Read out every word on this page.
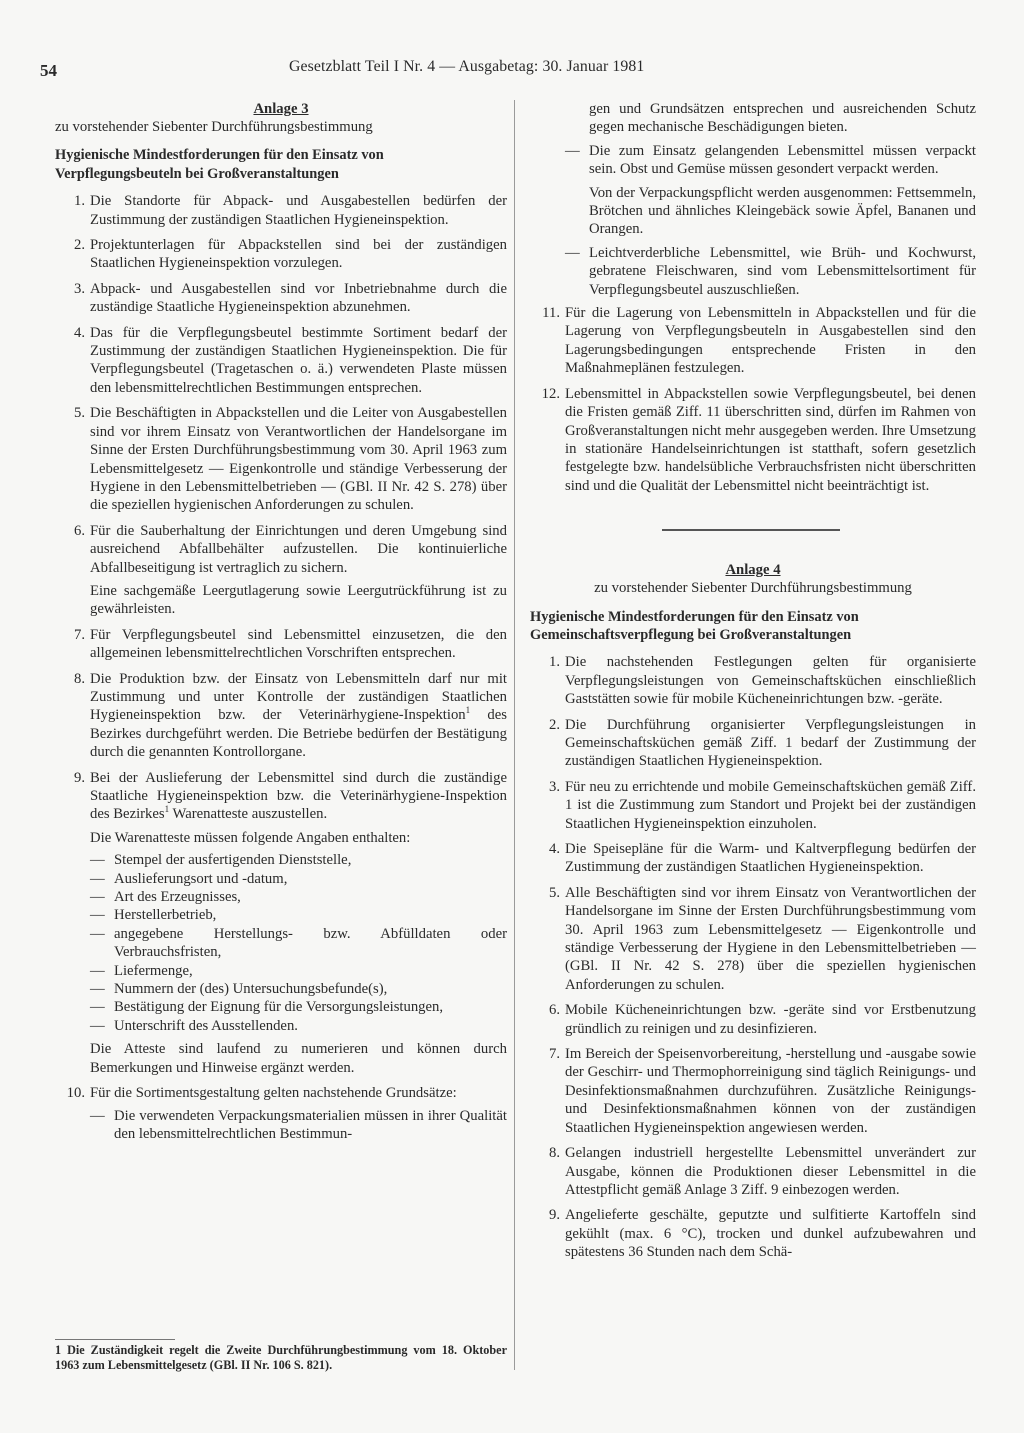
54	Gesetzblatt Teil I Nr. 4 — Ausgabetag: 30. Januar 1981

Anlage 3

zu vorstehender Siebenter Durchführungsbestimmung

Hygienische Mindestforderungen für den Einsatz von Verpflegungsbeuteln bei Großveranstaltungen

1. Die Standorte für Abpack- und Ausgabestellen bedürfen der Zustimmung der zuständigen Staatlichen Hygieneinspektion.
2. Projektunterlagen für Abpackstellen sind bei der zuständigen Staatlichen Hygieneinspektion vorzulegen.
3. Abpack- und Ausgabestellen sind vor Inbetriebnahme durch die zuständige Staatliche Hygieneinspektion abzunehmen.
4. Das für die Verpflegungsbeutel bestimmte Sortiment bedarf der Zustimmung der zuständigen Staatlichen Hygieneinspektion. Die für Verpflegungsbeutel (Tragetaschen o. ä.) verwendeten Plaste müssen den lebensmittelrechtlichen Bestimmungen entsprechen.
5. Die Beschäftigten in Abpackstellen und die Leiter von Ausgabestellen sind vor ihrem Einsatz von Verantwortlichen der Handelsorgane im Sinne der Ersten Durchführungsbestimmung vom 30. April 1963 zum Lebensmittelgesetz — Eigenkontrolle und ständige Verbesserung der Hygiene in den Lebensmittelbetrieben — (GBl. II Nr. 42 S. 278) über die speziellen hygienischen Anforderungen zu schulen.
6. Für die Sauberhaltung der Einrichtungen und deren Umgebung sind ausreichend Abfallbehälter aufzustellen. Die kontinuierliche Abfallbeseitigung ist vertraglich zu sichern.

Eine sachgemäße Leergutlagerung sowie Leergutrückführung ist zu gewährleisten.

7. Für Verpflegungsbeutel sind Lebensmittel einzusetzen, die den allgemeinen lebensmittelrechtlichen Vorschriften entsprechen.
8. Die Produktion bzw. der Einsatz von Lebensmitteln darf nur mit Zustimmung und unter Kontrolle der zuständigen Staatlichen Hygieneinspektion bzw. der Veterinärhygiene-Inspektion$^1$ des Bezirkes durchgeführt werden. Die Betriebe bedürfen der Bestätigung durch die genannten Kontrollorgane.
9. Bei der Auslieferung der Lebensmittel sind durch die zuständige Staatliche Hygieneinspektion bzw. die Veterinärhygiene-Inspektion des Bezirkes$^1$ Warenatteste auszustellen.

Die Warenatteste müssen folgende Angaben enthalten:

— Stempel der ausfertigenden Dienststelle,
— Auslieferungsort und -datum,
— Art des Erzeugnisses,
— Herstellerbetrieb,
— angegebene Herstellungs- bzw. Abfülldaten oder Verbrauchsfristen,
— Liefermenge,
— Nummern der (des) Untersuchungsbefunde(s),
— Bestätigung der Eignung für die Versorgungsleistungen,
— Unterschrift des Ausstellenden.

Die Atteste sind laufend zu numerieren und können durch Bemerkungen und Hinweise ergänzt werden.

10. Für die Sortimentsgestaltung gelten nachstehende Grundsätze:
— Die verwendeten Verpackungsmaterialien müssen in ihrer Qualität den lebensmittelrechtlichen Bestimmun-
1 Die Zuständigkeit regelt die Zweite Durchführungbestimmung vom 18. Oktober 1963 zum Lebensmittelgesetz (GBl. II Nr. 106 S. 821).
gen und Grundsätzen entsprechen und ausreichenden Schutz gegen mechanische Beschädigungen bieten.
— Die zum Einsatz gelangenden Lebensmittel müssen verpackt sein. Obst und Gemüse müssen gesondert verpackt werden.
Von der Verpackungspflicht werden ausgenommen: Fettsemmeln, Brötchen und ähnliches Kleingebäck sowie Äpfel, Bananen und Orangen.
— Leichtverderbliche Lebensmittel, wie Brüh- und Kochwurst, gebratene Fleischwaren, sind vom Lebensmittelsortiment für Verpflegungsbeutel auszuschließen.
11. Für die Lagerung von Lebensmitteln in Abpackstellen und für die Lagerung von Verpflegungsbeuteln in Ausgabestellen sind den Lagerungsbedingungen entsprechende Fristen in den Maßnahmeplänen festzulegen.
12. Lebensmittel in Abpackstellen sowie Verpflegungsbeutel, bei denen die Fristen gemäß Ziff. 11 überschritten sind, dürfen im Rahmen von Großveranstaltungen nicht mehr ausgegeben werden. Ihre Umsetzung in stationäre Handelseinrichtungen ist statthaft, sofern gesetzlich festgelegte bzw. handelsübliche Verbrauchsfristen nicht überschritten sind und die Qualität der Lebensmittel nicht beeinträchtigt ist.

Anlage 4

zu vorstehender Siebenter Durchführungsbestimmung

Hygienische Mindestforderungen für den Einsatz von Gemeinschaftsverpflegung bei Großveranstaltungen

1. Die nachstehenden Festlegungen gelten für organisierte Verpflegungsleistungen von Gemeinschaftsküchen einschließlich Gaststätten sowie für mobile Kücheneinrichtungen bzw. -geräte.
2. Die Durchführung organisierter Verpflegungsleistungen in Gemeinschaftsküchen gemäß Ziff. 1 bedarf der Zustimmung der zuständigen Staatlichen Hygieneinspektion.
3. Für neu zu errichtende und mobile Gemeinschaftsküchen gemäß Ziff. 1 ist die Zustimmung zum Standort und Projekt bei der zuständigen Staatlichen Hygieneinspektion einzuholen.
4. Die Speisepläne für die Warm- und Kaltverpflegung bedürfen der Zustimmung der zuständigen Staatlichen Hygieneinspektion.
5. Alle Beschäftigten sind vor ihrem Einsatz von Verantwortlichen der Handelsorgane im Sinne der Ersten Durchführungsbestimmung vom 30. April 1963 zum Lebensmittelgesetz — Eigenkontrolle und ständige Verbesserung der Hygiene in den Lebensmittelbetrieben — (GBl. II Nr. 42 S. 278) über die speziellen hygienischen Anforderungen zu schulen.
6. Mobile Kücheneinrichtungen bzw. -geräte sind vor Erstbenutzung gründlich zu reinigen und zu desinfizieren.
7. Im Bereich der Speisenvorbereitung, -herstellung und -ausgabe sowie der Geschirr- und Thermophorreinigung sind täglich Reinigungs- und Desinfektionsmaßnahmen durchzuführen. Zusätzliche Reinigungs- und Desinfektionsmaßnahmen können von der zuständigen Staatlichen Hygieneinspektion angewiesen werden.
8. Gelangen industriell hergestellte Lebensmittel unverändert zur Ausgabe, können die Produktionen dieser Lebensmittel in die Attestpflicht gemäß Anlage 3 Ziff. 9 einbezogen werden.
9. Angelieferte geschälte, geputzte und sulfitierte Kartoffeln sind gekühlt (max. 6 °C), trocken und dunkel aufzubewahren und spätestens 36 Stunden nach dem Schä-
